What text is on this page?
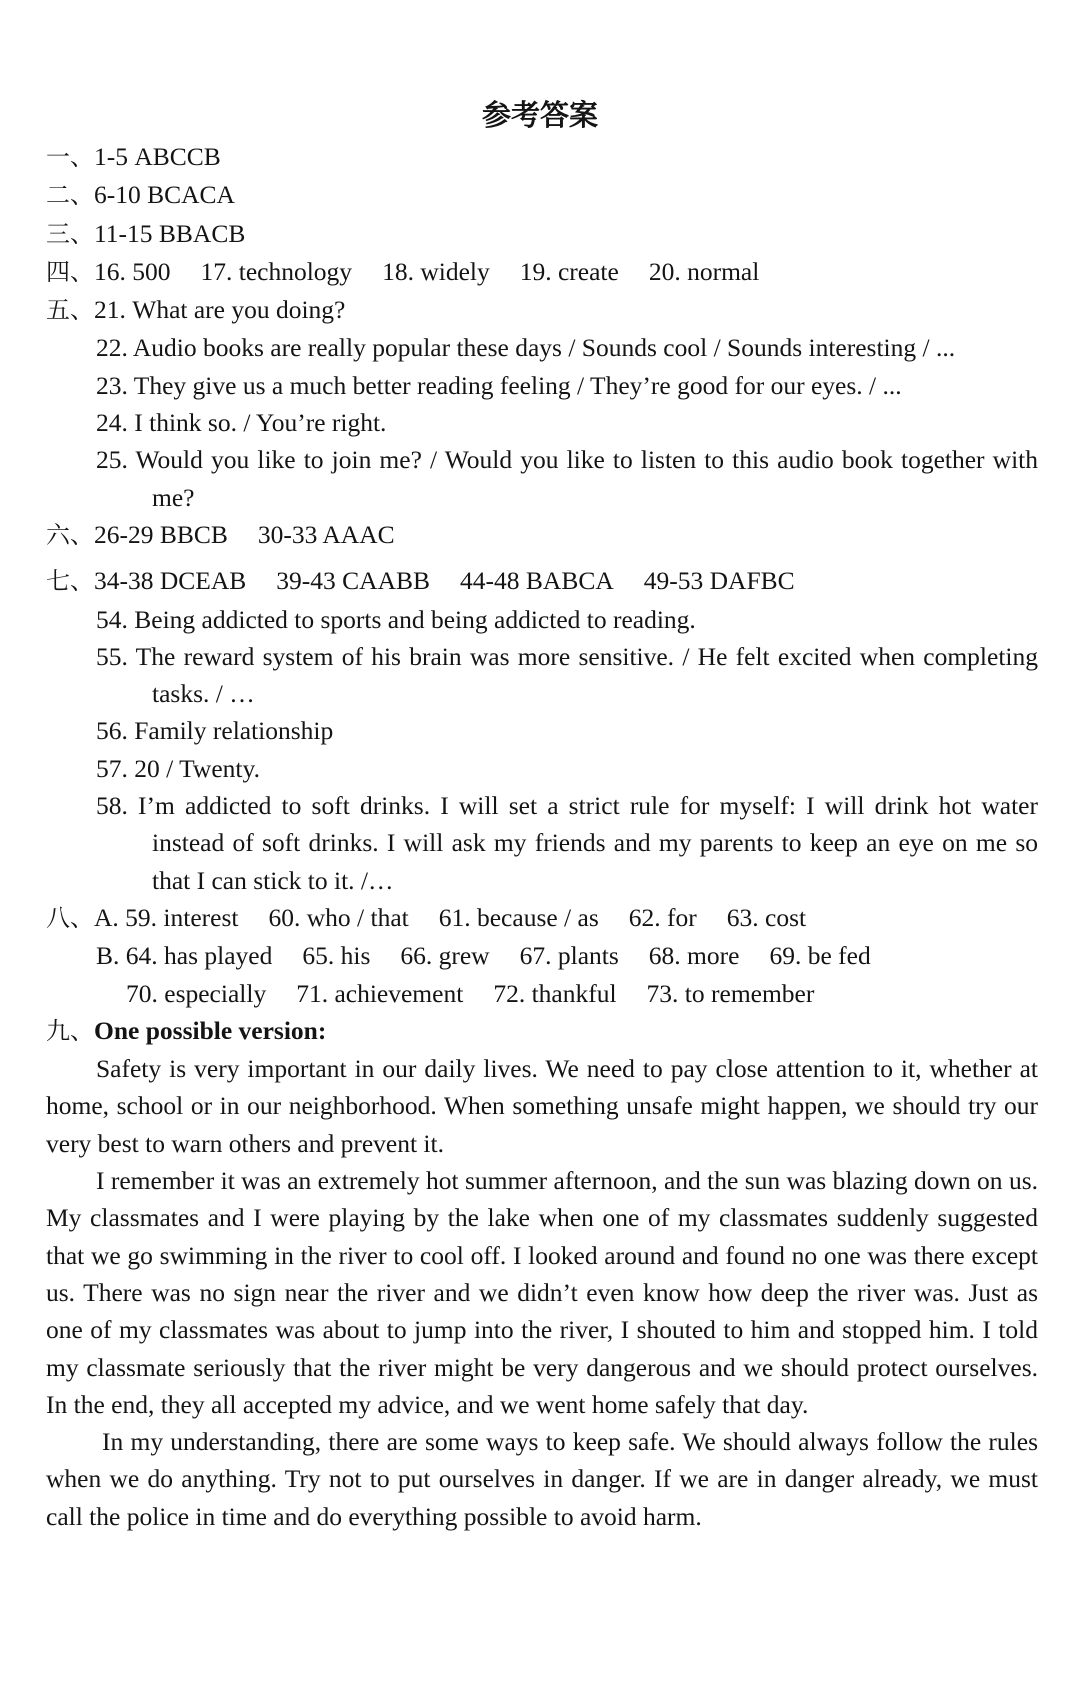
参考答案
一、1-5 ABCCB
二、6-10 BCACA
三、11-15 BBACB
四、16. 500 17. technology 18. widely 19. create 20. normal
五、21. What are you doing?
22. Audio books are really popular these days / Sounds cool / Sounds interesting / ...
23. They give us a much better reading feeling / They’re good for our eyes. / ...
24. I think so. / You’re right.
25. Would you like to join me? / Would you like to listen to this audio book together with me?
六、26-29 BBCB 30-33 AAAC
七、34-38 DCEAB 39-43 CAABB 44-48 BABCA 49-53 DAFBC
54. Being addicted to sports and being addicted to reading.
55. The reward system of his brain was more sensitive. / He felt excited when completing tasks. / …
56. Family relationship
57. 20 / Twenty.
58. I’m addicted to soft drinks. I will set a strict rule for myself: I will drink hot water instead of soft drinks. I will ask my friends and my parents to keep an eye on me so that I can stick to it. /…
八、A. 59. interest 60. who / that 61. because / as 62. for 63. cost
B. 64. has played 65. his 66. grew 67. plants 68. more 69. be fed
70. especially 71. achievement 72. thankful 73. to remember
九、One possible version:
Safety is very important in our daily lives. We need to pay close attention to it, whether at home, school or in our neighborhood. When something unsafe might happen, we should try our very best to warn others and prevent it.
I remember it was an extremely hot summer afternoon, and the sun was blazing down on us. My classmates and I were playing by the lake when one of my classmates suddenly suggested that we go swimming in the river to cool off. I looked around and found no one was there except us. There was no sign near the river and we didn’t even know how deep the river was. Just as one of my classmates was about to jump into the river, I shouted to him and stopped him. I told my classmate seriously that the river might be very dangerous and we should protect ourselves. In the end, they all accepted my advice, and we went home safely that day.
In my understanding, there are some ways to keep safe. We should always follow the rules when we do anything. Try not to put ourselves in danger. If we are in danger already, we must call the police in time and do everything possible to avoid harm.
